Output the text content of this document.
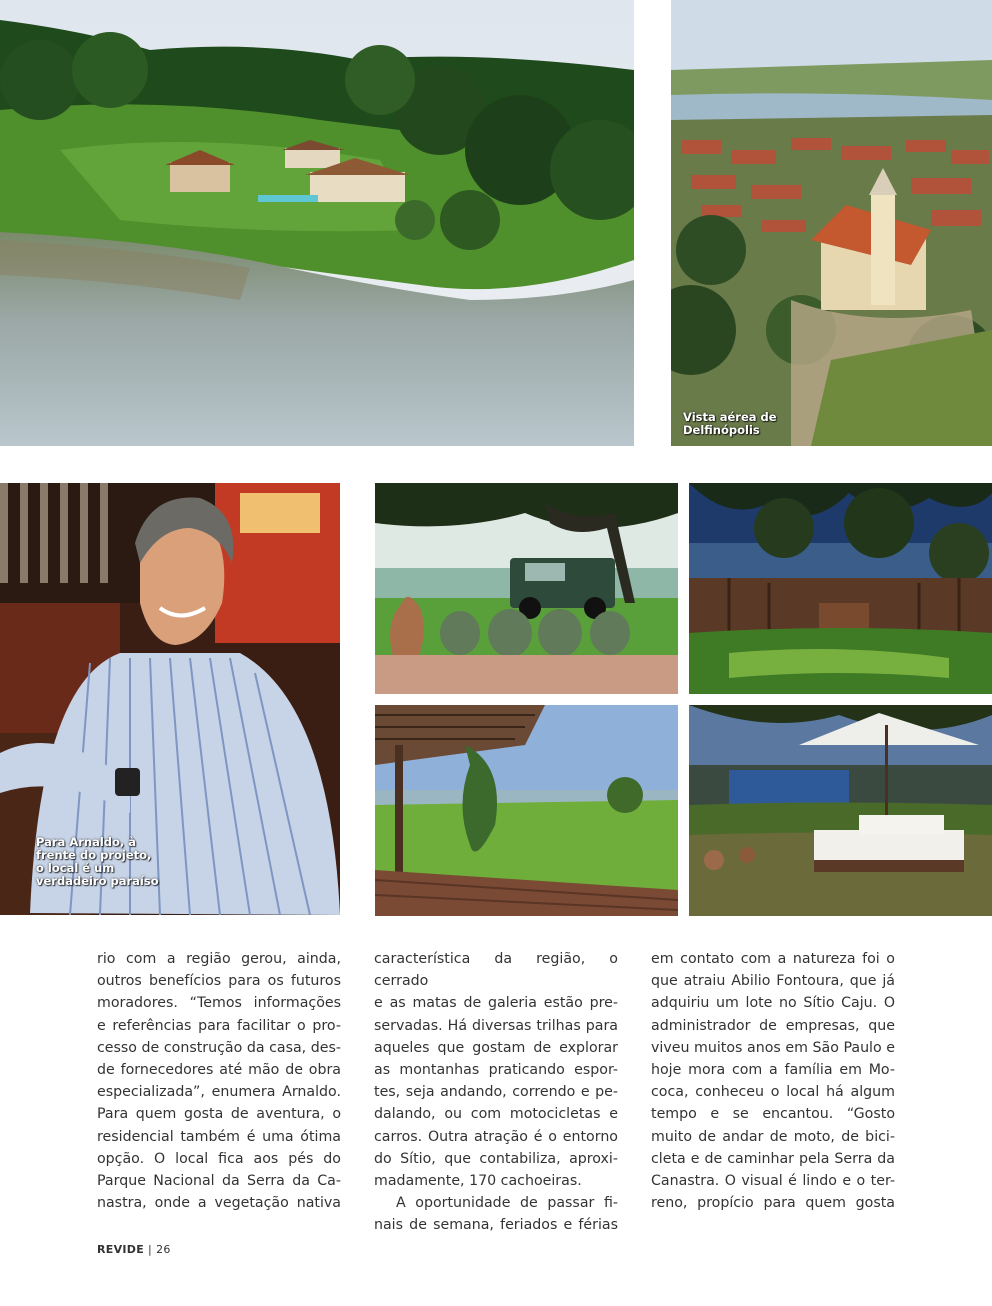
Vista aérea de
Delfinópolis
Para Arnaldo, à
frente do projeto,
o local é um
verdadeiro paraíso

rio com a região gerou, ainda,
outros benefícios para os futuros
moradores. “Temos informações
e referências para facilitar o pro-
cesso de construção da casa, des-
de fornecedores até mão de obra
especializada”, enumera Arnaldo.
Para quem gosta de aventura, o
residencial também é uma ótima
opção. O local fica aos pés do
Parque Nacional da Serra da Ca-
nastra, onde a vegetação nativa

característica da região, o cerrado
e as matas de galeria estão pre-
servadas. Há diversas trilhas para
aqueles que gostam de explorar
as montanhas praticando espor-
tes, seja andando, correndo e pe-
dalando, ou com motocicletas e
carros. Outra atração é o entorno
do Sítio, que contabiliza, aproxi-
madamente, 170 cachoeiras.

A oportunidade de passar fi-
nais de semana, feriados e férias

em contato com a natureza foi o
que atraiu Abilio Fontoura, que já
adquiriu um lote no Sítio Caju. O
administrador de empresas, que
viveu muitos anos em São Paulo e
hoje mora com a família em Mo-
coca, conheceu o local há algum
tempo e se encantou. “Gosto
muito de andar de moto, de bici-
cleta e de caminhar pela Serra da
Canastra. O visual é lindo e o ter-
reno, propício para quem gosta

REVIDE | 26
